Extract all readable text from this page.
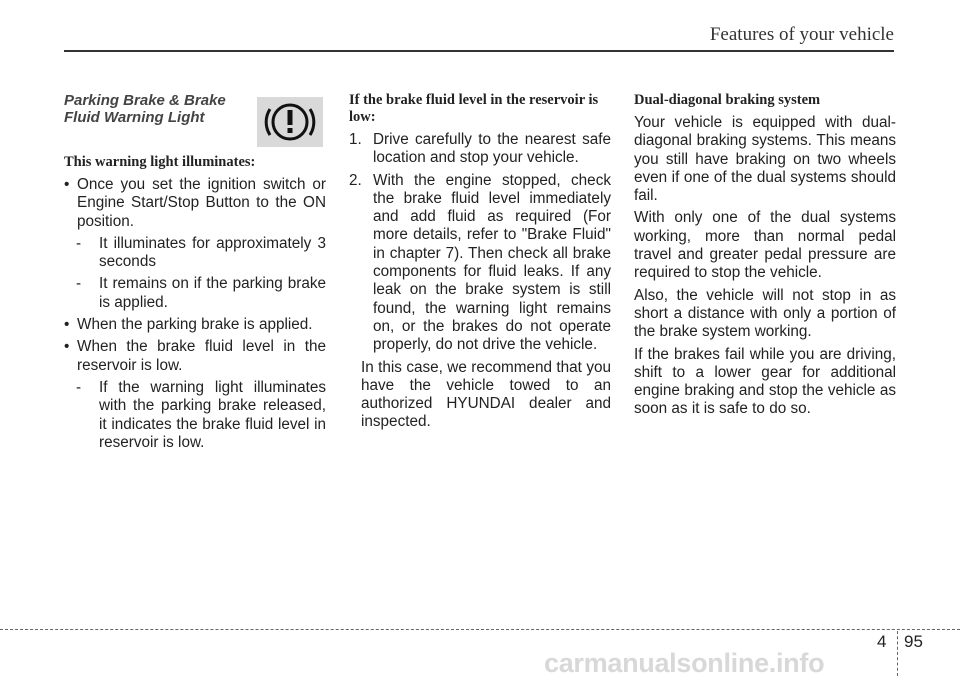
Features of your vehicle
Parking Brake & Brake Fluid Warning Light
This warning light illuminates:
• Once you set the ignition switch or Engine Start/Stop Button to the ON position.
-	It illuminates for approximately 3 seconds
-	It remains on if the parking brake is applied.
• When the parking brake is applied.
• When the brake fluid level in the reservoir is low.
-	If the warning light illuminates with the parking brake released, it indicates the brake fluid level in reservoir is low.
If the brake fluid level in the reservoir is low:
1. Drive carefully to the nearest safe location and stop your vehicle.
2. With the engine stopped, check the brake fluid level immediately and add fluid as required (For more details, refer to "Brake Fluid" in chapter 7). Then check all brake components for fluid leaks. If any leak on the brake system is still found, the warning light remains on, or the brakes do not operate properly, do not drive the vehicle.

In this case, we recommend that you have the vehicle towed to an authorized HYUNDAI dealer and inspected.

Dual-diagonal braking system

Your vehicle is equipped with dual-diagonal braking systems. This means you still have braking on two wheels even if one of the dual systems should fail.

With only one of the dual systems working, more than normal pedal travel and greater pedal pressure are required to stop the vehicle.

Also, the vehicle will not stop in as short a distance with only a portion of the brake system working.

If the brakes fail while you are driving, shift to a lower gear for additional engine braking and stop the vehicle as soon as it is safe to do so.

4 95
carmanualsonline.info
